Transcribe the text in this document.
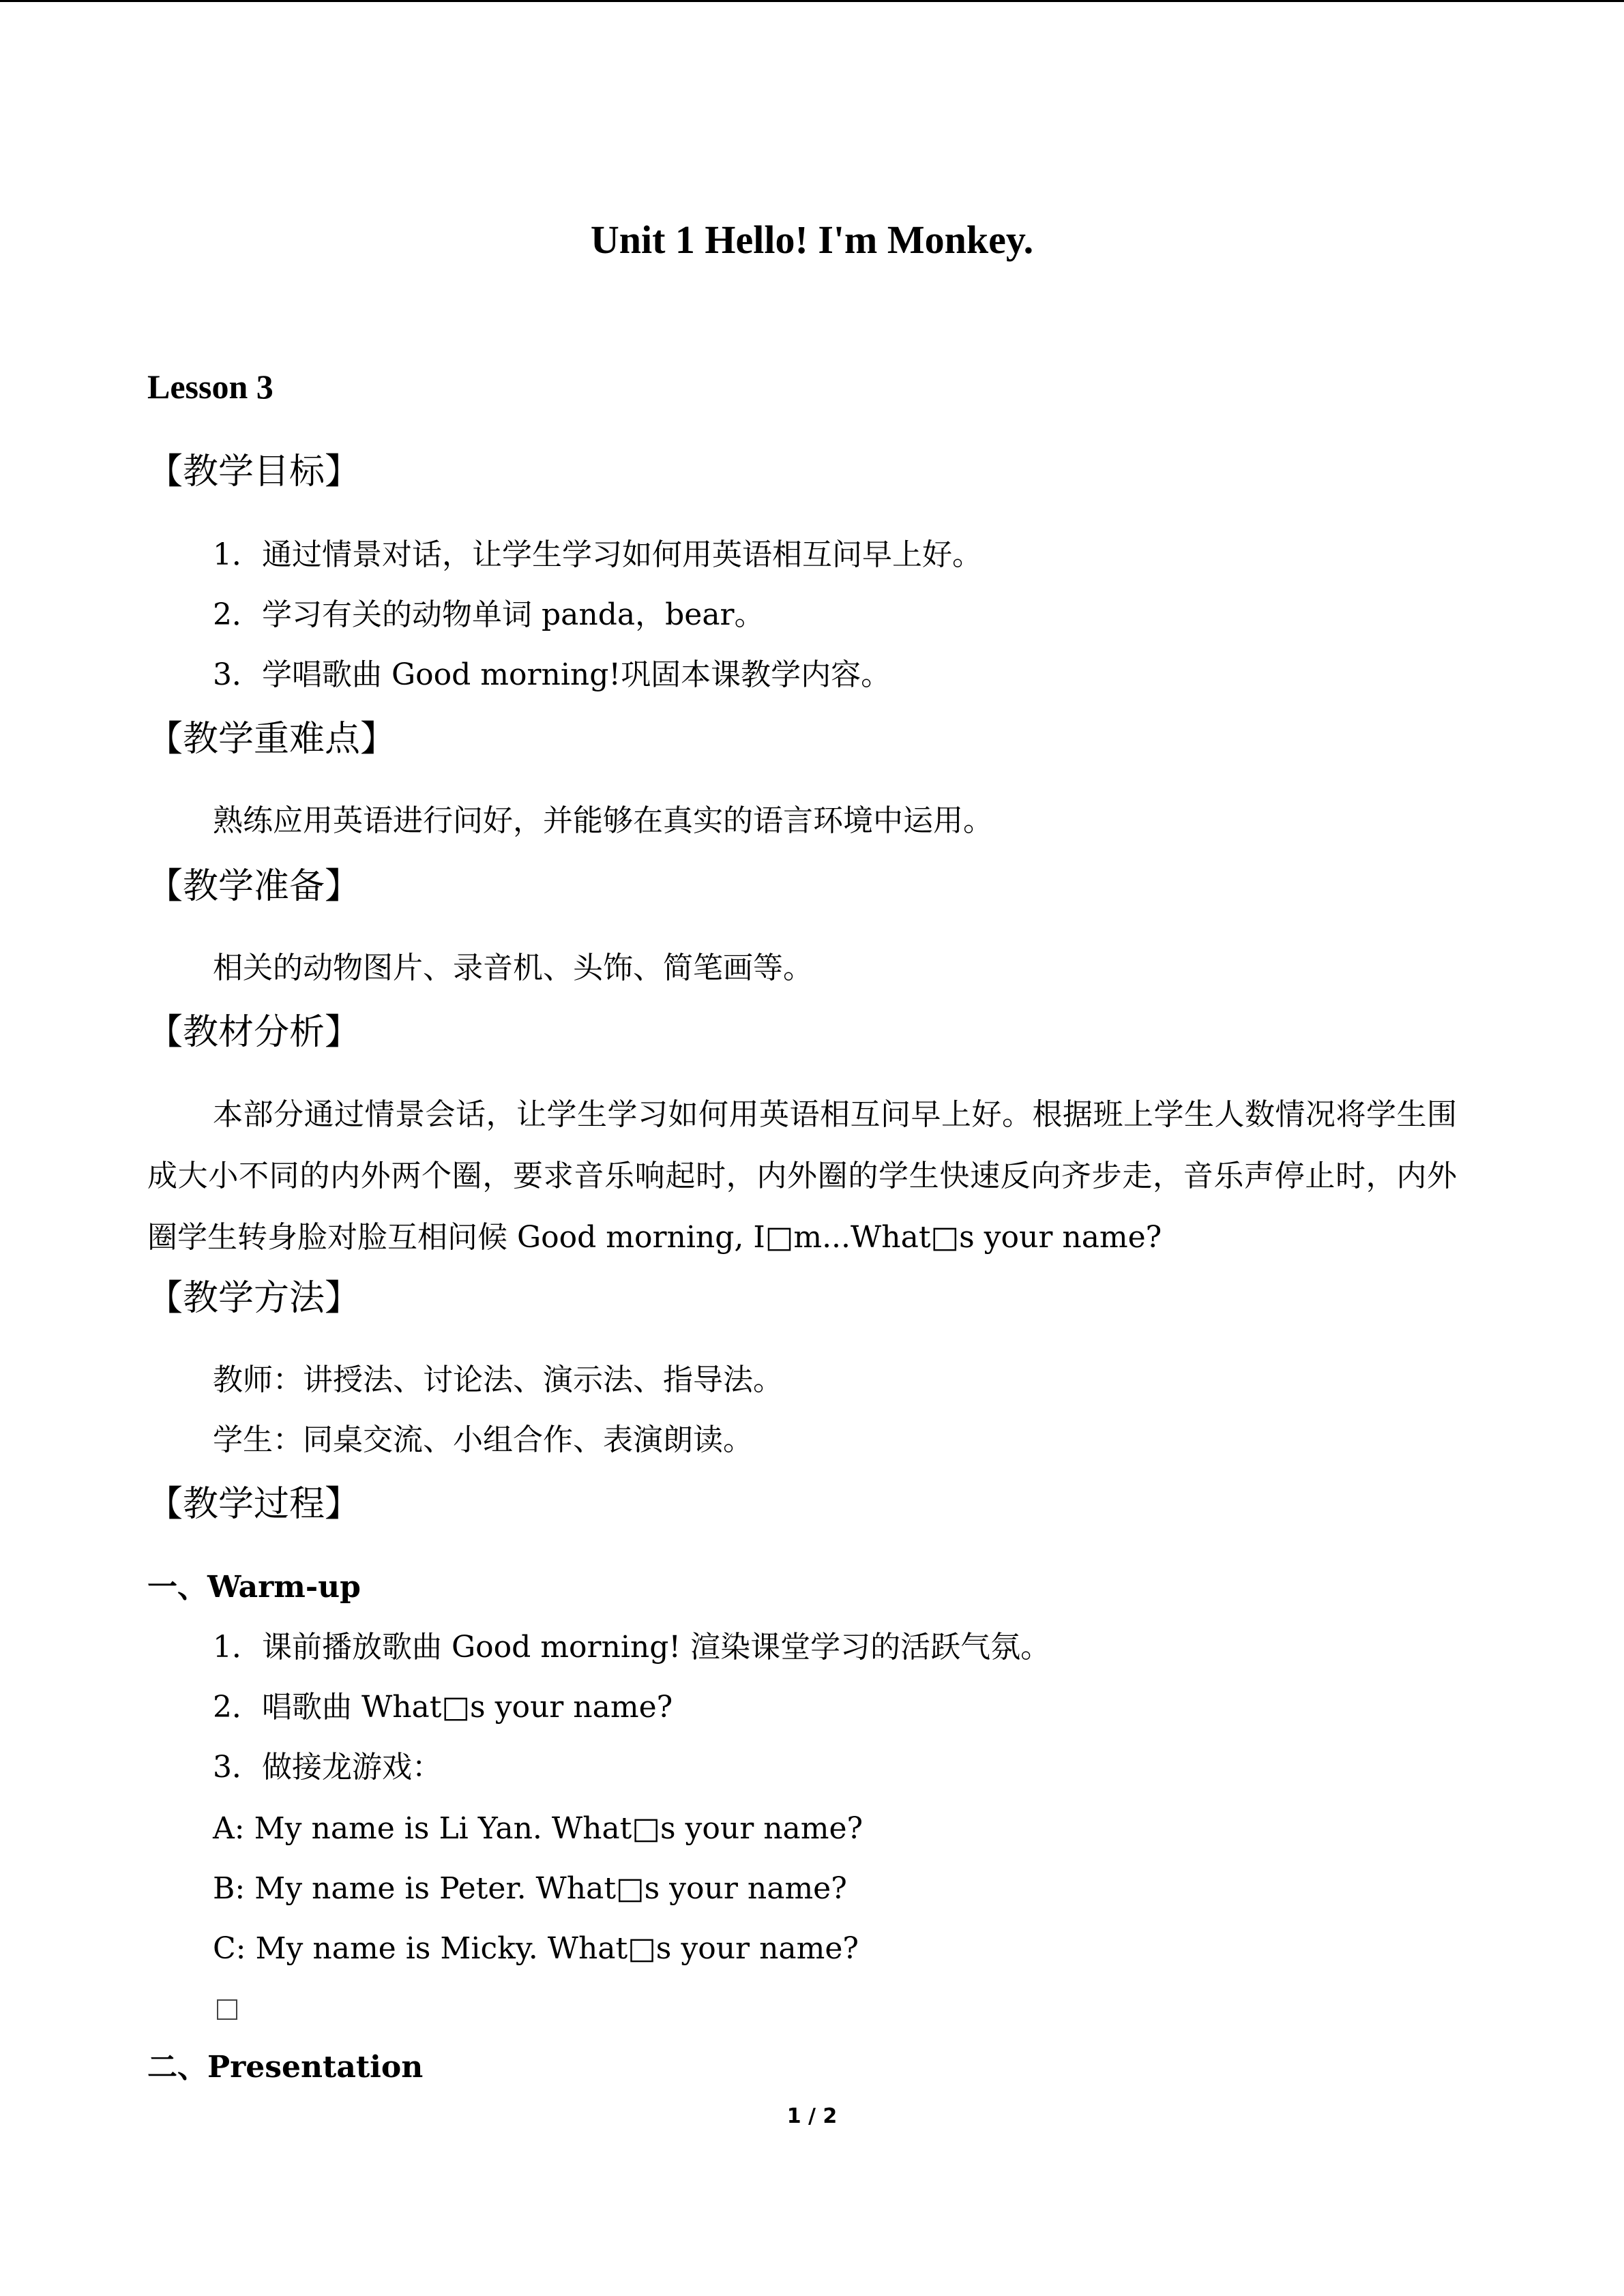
Unit 1 Hello! I'm Monkey.
Lesson 3
【教学目标】
1．通过情景对话，让学生学习如何用英语相互问早上好。
2．学习有关的动物单词 panda，bear。
3．学唱歌曲 Good morning!巩固本课教学内容。
【教学重难点】
熟练应用英语进行问好，并能够在真实的语言环境中运用。
【教学准备】
相关的动物图片、录音机、头饰、简笔画等。
【教材分析】
本部分通过情景会话，让学生学习如何用英语相互问早上好。根据班上学生人数情况将学生围成大小不同的内外两个圈，要求音乐响起时，内外圈的学生快速反向齐步走，音乐声停止时，内外圈学生转身脸对脸互相问候 Good morning, I□m...What□s your name?
【教学方法】
教师：讲授法、讨论法、演示法、指导法。
学生：同桌交流、小组合作、表演朗读。
【教学过程】
一、Warm-up
1．课前播放歌曲 Good morning! 渲染课堂学习的活跃气氛。
2．唱歌曲 What□s your name?
3．做接龙游戏：
A: My name is Li Yan. What□s your name?
B: My name is Peter. What□s your name?
C: My name is Micky. What□s your name?
二、Presentation
1 / 2
